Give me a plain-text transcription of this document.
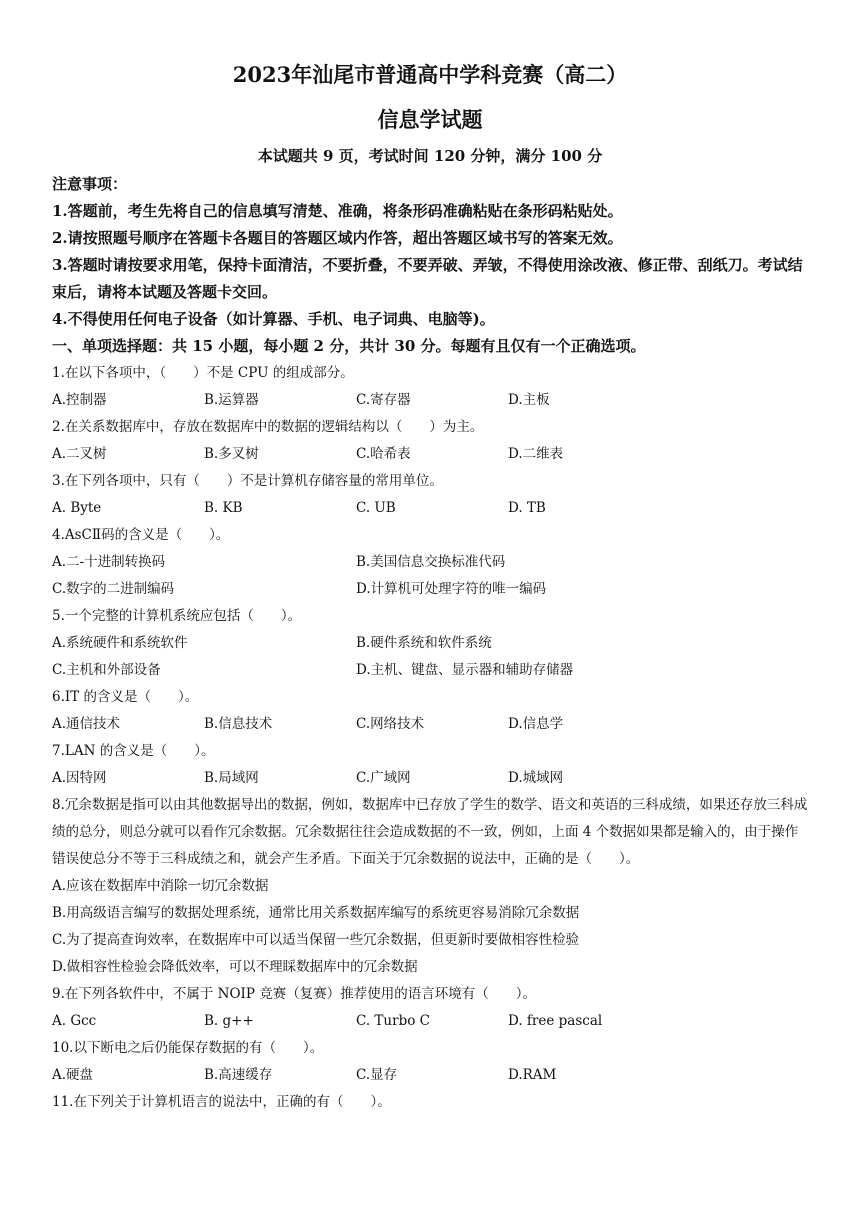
2023年汕尾市普通高中学科竞赛（高二）
信息学试题
本试题共 9 页，考试时间 120 分钟，满分 100 分
注意事项：
1.答题前，考生先将自己的信息填写清楚、准确，将条形码准确粘贴在条形码粘贴处。
2.请按照题号顺序在答题卡各题目的答题区域内作答，超出答题区域书写的答案无效。
3.答题时请按要求用笔，保持卡面清洁，不要折叠，不要弄破、弄皱，不得使用涂改液、修正带、刮纸刀。考试结束后，请将本试题及答题卡交回。
4.不得使用任何电子设备（如计算器、手机、电子词典、电脑等)。
一、单项选择题：共 15 小题，每小题 2 分，共计 30 分。每题有且仅有一个正确选项。
1.在以下各项中，（　　）不是 CPU 的组成部分。
A.控制器	B.运算器	C.寄存器	D.主板
2.在关系数据库中，存放在数据库中的数据的逻辑结构以（　　）为主。
A.二叉树	B.多叉树	C.哈希表	D.二维表
3.在下列各项中，只有（　　）不是计算机存储容量的常用单位。
A. Byte	B. KB	C. UB	D. TB
4.AsCⅡ码的含义是（　　）。
A.二-十进制转换码	B.美国信息交换标准代码
C.数字的二进制编码	D.计算机可处理字符的唯一编码
5.一个完整的计算机系统应包括（　　）。
A.系统硬件和系统软件	B.硬件系统和软件系统
C.主机和外部设备	D.主机、键盘、显示器和辅助存储器
6.IT 的含义是（　　）。
A.通信技术	B.信息技术	C.网络技术	D.信息学
7.LAN 的含义是（　　）。
A.因特网	B.局域网	C.广域网	D.城域网
8.冗余数据是指可以由其他数据导出的数据，例如，数据库中已存放了学生的数学、语文和英语的三科成绩，如果还存放三科成绩的总分，则总分就可以看作冗余数据。冗余数据往往会造成数据的不一致，例如，上面 4 个数据如果都是输入的，由于操作错误使总分不等于三科成绩之和，就会产生矛盾。下面关于冗余数据的说法中，正确的是（　　）。
A.应该在数据库中消除一切冗余数据
B.用高级语言编写的数据处理系统，通常比用关系数据库编写的系统更容易消除冗余数据
C.为了提高查询效率，在数据库中可以适当保留一些冗余数据，但更新时要做相容性检验
D.做相容性检验会降低效率，可以不理睬数据库中的冗余数据
9.在下列各软件中，不属于 NOIP 竞赛（复赛）推荐使用的语言环境有（　　）。
A. Gcc	B. g++	C. Turbo C	D. free pascal
10.以下断电之后仍能保存数据的有（　　）。
A.硬盘	B.高速缓存	C.显存	D.RAM
11.在下列关于计算机语言的说法中，正确的有（　　）。
